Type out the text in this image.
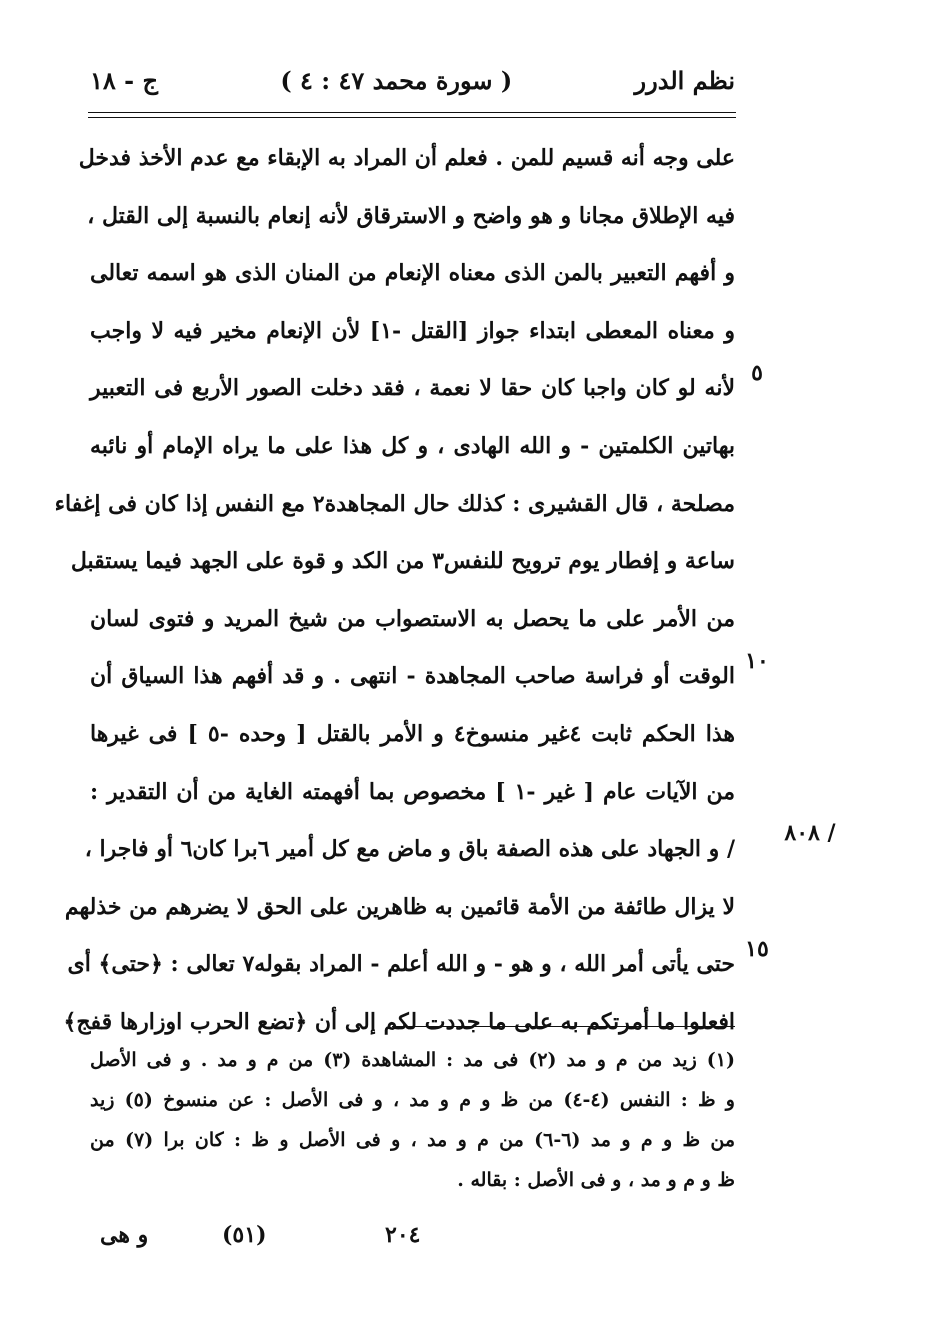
نظم الدرر
( سورة محمد ٤٧ : ٤ )
ج - ١٨
على وجه أنه قسيم للمن . فعلم أن المراد به الإبقاء مع عدم الأخذ فدخل
فيه الإطلاق مجانا و هو واضح و الاسترقاق لأنه إنعام بالنسبة إلى القتل ،
و أفهم التعبير بالمن الذى معناه الإنعام من المنان الذى هو اسمه تعالى
و معناه المعطى ابتداء جواز [القتل -١] لأن الإنعام مخير فيه لا واجب
لأنه لو كان واجبا كان حقا لا نعمة ، فقد دخلت الصور الأربع فى التعبير
بهاتين الكلمتين - و الله الهادى ، و كل هذا على ما يراه الإمام أو نائبه
مصلحة ، قال القشيرى : كذلك حال المجاهدة٢ مع النفس إذا كان فى إغفاء
ساعة و إفطار يوم ترويح للنفس٣ من الكد و قوة على الجهد فيما يستقبل
من الأمر على ما يحصل به الاستصواب من شيخ المريد و فتوى لسان
الوقت أو فراسة صاحب المجاهدة - انتهى . و قد أفهم هذا السياق أن
هذا الحكم ثابت ٤غير منسوخ٤ و الأمر بالقتل [ وحده -٥ ] فى غيرها
من الآيات عام [ غير -١ ] مخصوص بما أفهمته الغاية من أن التقدير :
/ و الجهاد على هذه الصفة باق و ماض مع كل أمير ٦برا كان٦ أو فاجرا ،
لا يزال طائفة من الأمة قائمين به ظاهرين على الحق لا يضرهم من خذلهم
حتى يأتى أمر الله ، و هو - و الله أعلم - المراد بقوله٧ تعالى : ﴿حتى﴾ أى
افعلوا ما أمرتكم به على ما جددت لكم إلى أن ﴿تضع الحرب اوزارها قفج﴾
٥
١٠
١٥
٨٠٨ /
(١) زيد من م و مد (٢) فى مد : المشاهدة (٣) من م و مد . و فى الأصل
و ظ : النفس (٤-٤) من ظ و م و مد ، و فى الأصل : عن منسوخ (٥) زيد
من ظ و م و مد (٦-٦) من م و مد ، و فى الأصل و ظ : كان برا (٧) من
ظ و م و مد ، و فى الأصل : بقاله .
٢٠٤
(٥١)
و هى
